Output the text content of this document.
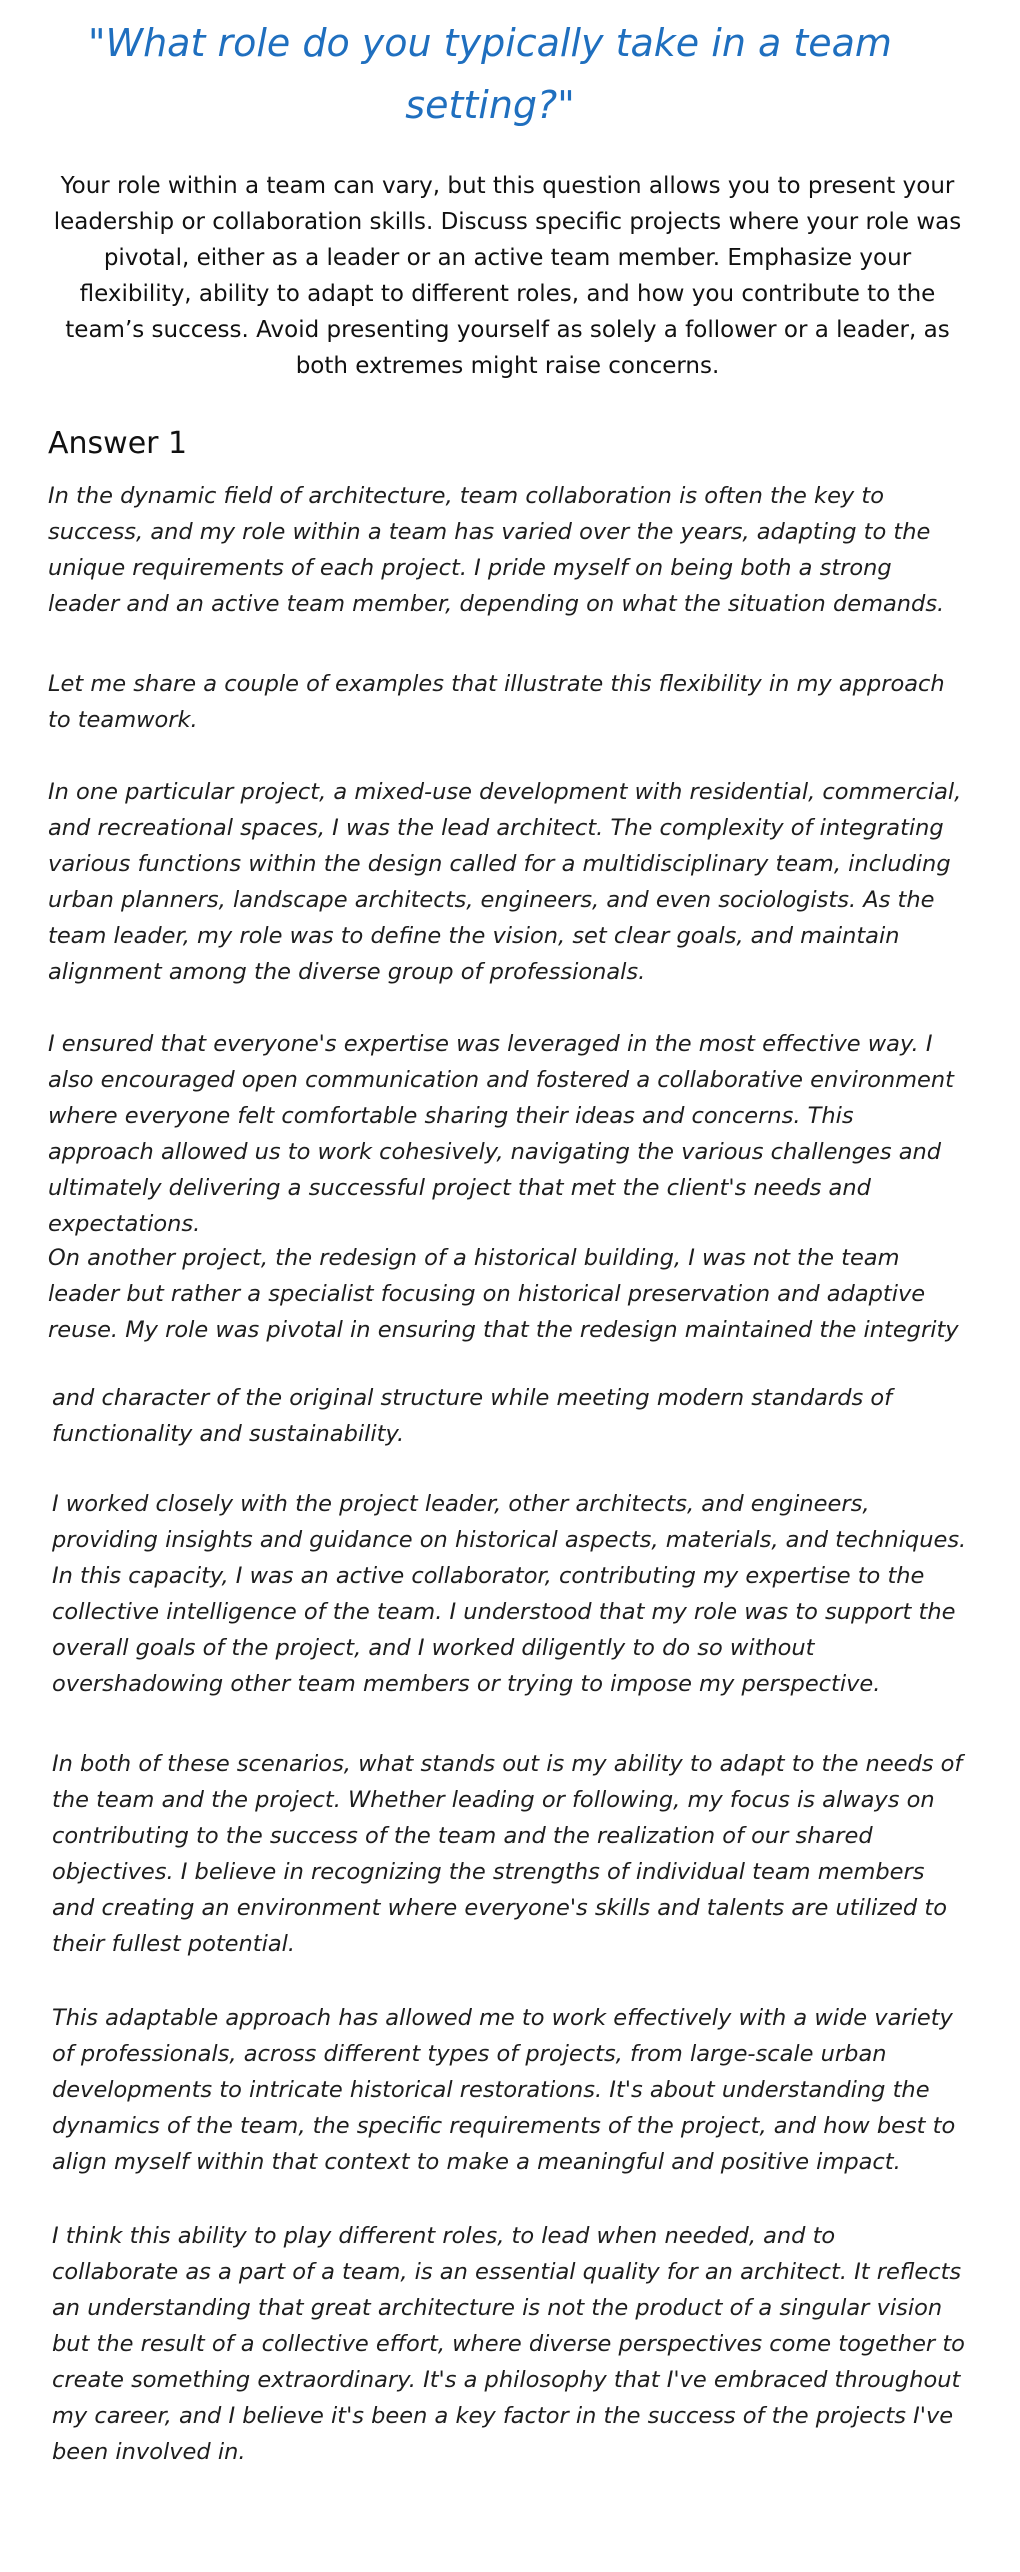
"What role do you typically take in a team setting?"

Your role within a team can vary, but this question allows you to present your leadership or collaboration skills. Discuss specific projects where your role was pivotal, either as a leader or an active team member. Emphasize your flexibility, ability to adapt to different roles, and how you contribute to the team’s success. Avoid presenting yourself as solely a follower or a leader, as both extremes might raise concerns.

Answer 1

In the dynamic field of architecture, team collaboration is often the key to success, and my role within a team has varied over the years, adapting to the unique requirements of each project. I pride myself on being both a strong leader and an active team member, depending on what the situation demands.

Let me share a couple of examples that illustrate this flexibility in my approach to teamwork.

In one particular project, a mixed-use development with residential, commercial, and recreational spaces, I was the lead architect. The complexity of integrating various functions within the design called for a multidisciplinary team, including urban planners, landscape architects, engineers, and even sociologists. As the team leader, my role was to define the vision, set clear goals, and maintain alignment among the diverse group of professionals.

I ensured that everyone's expertise was leveraged in the most effective way. I also encouraged open communication and fostered a collaborative environment where everyone felt comfortable sharing their ideas and concerns. This approach allowed us to work cohesively, navigating the various challenges and ultimately delivering a successful project that met the client's needs and expectations.

On another project, the redesign of a historical building, I was not the team leader but rather a specialist focusing on historical preservation and adaptive reuse. My role was pivotal in ensuring that the redesign maintained the integrity

and character of the original structure while meeting modern standards of functionality and sustainability.

I worked closely with the project leader, other architects, and engineers, providing insights and guidance on historical aspects, materials, and techniques. In this capacity, I was an active collaborator, contributing my expertise to the collective intelligence of the team. I understood that my role was to support the overall goals of the project, and I worked diligently to do so without overshadowing other team members or trying to impose my perspective.

In both of these scenarios, what stands out is my ability to adapt to the needs of the team and the project. Whether leading or following, my focus is always on contributing to the success of the team and the realization of our shared objectives. I believe in recognizing the strengths of individual team members and creating an environment where everyone's skills and talents are utilized to their fullest potential.

This adaptable approach has allowed me to work effectively with a wide variety of professionals, across different types of projects, from large-scale urban developments to intricate historical restorations. It's about understanding the dynamics of the team, the specific requirements of the project, and how best to align myself within that context to make a meaningful and positive impact.

I think this ability to play different roles, to lead when needed, and to collaborate as a part of a team, is an essential quality for an architect. It reflects an understanding that great architecture is not the product of a singular vision but the result of a collective effort, where diverse perspectives come together to create something extraordinary. It's a philosophy that I've embraced throughout my career, and I believe it's been a key factor in the success of the projects I've been involved in.
